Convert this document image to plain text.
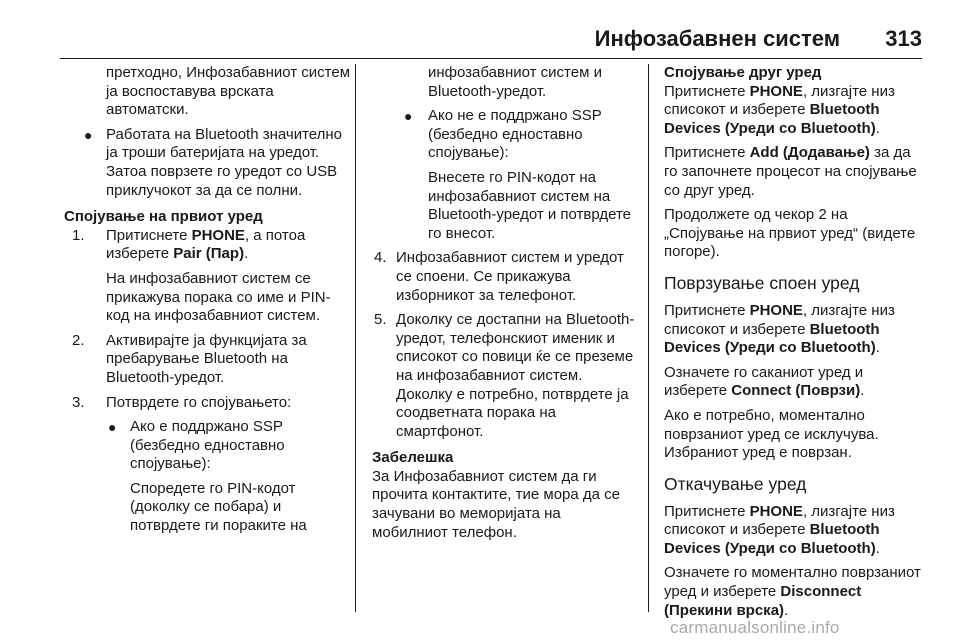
Инфозабавнен систем 313

претходно, Инфозабавниот систем ја воспоставува врската автоматски.

● Работата на Bluetooth значително ја троши батеријата на уредот. Затоа поврзете го уредот со USB приклучокот за да се полни.

Спојување на првиот уред

1. Притиснете PHONE, а потоа изберете Pair (Пар).

На инфозабавниот систем се прикажува порака со име и PIN-код на инфозабавниот систем.

2. Активирајте ја функцијата за пребарување Bluetooth на Bluetooth-уредот.

3. Потврдете го спојувањето:

● Ако е поддржано SSP (безбедно едноставно спојување):

Споредете го PIN-кодот (доколку се побара) и потврдете ги пораките на

инфозабавниот систем и Bluetooth-уредот.

● Ако не е поддржано SSP (безбедно едноставно спојување):

Внесете го PIN-кодот на инфозабавниот систем на Bluetooth-уредот и потврдете го внесот.

4. Инфозабавниот систем и уредот се споени. Се прикажува изборникот за телефонот.

5. Доколку се достапни на Bluetooth-уредот, телефонскиот именик и списокот со повици ќе се преземе на инфозабавниот систем. Доколку е потребно, потврдете ја соодветната порака на смартфонот.

Забелешка

За Инфозабавниот систем да ги прочита контактите, тие мора да се зачувани во меморијата на мобилниот телефон.

Спојување друг уред

Притиснете PHONE, лизгајте низ списокот и изберете Bluetooth Devices (Уреди со Bluetooth).

Притиснете Add (Додавање) за да го започнете процесот на спојување со друг уред.

Продолжете од чекор 2 на „Спојување на првиот уред“ (видете погоре).

Поврзување споен уред

Притиснете PHONE, лизгајте низ списокот и изберете Bluetooth Devices (Уреди со Bluetooth).

Означете го саканиот уред и изберете Connect (Поврзи).

Ако е потребно, моментално поврзаниот уред се исклучува. Избраниот уред е поврзан.

Откачување уред

Притиснете PHONE, лизгајте низ списокот и изберете Bluetooth Devices (Уреди со Bluetooth).

Означете го моментално поврзаниот уред и изберете Disconnect (Прекини врска).

carmanualsonline.info
